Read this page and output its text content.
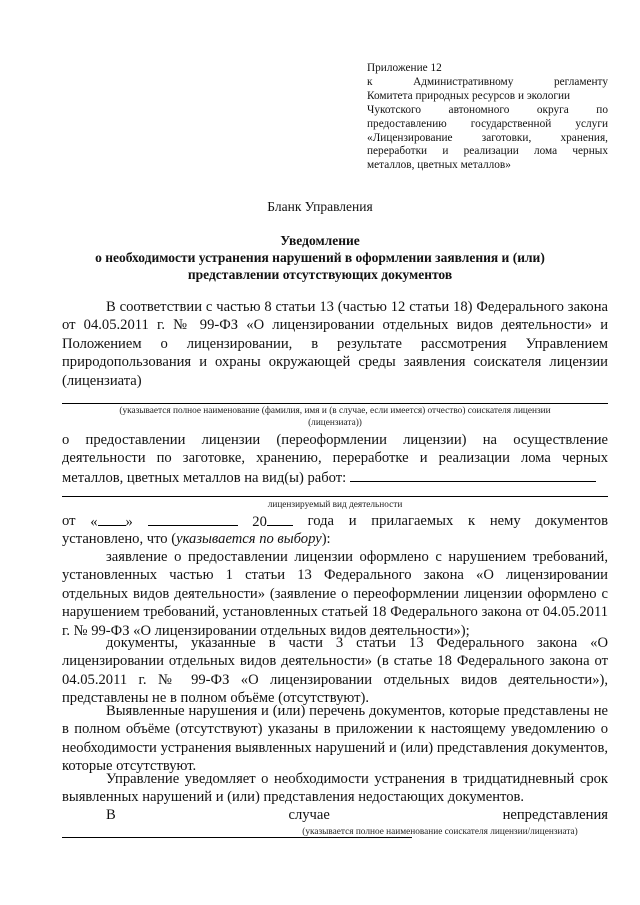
Приложение 12

к Административному регламенту

Комитета природных ресурсов и экологии

Чукотского автономного округа по

предоставлению государственной услуги

«Лицензирование заготовки, хранения,

переработки и реализации лома черных

металлов, цветных металлов»

Бланк Управления
Уведомление
о необходимости устранения нарушений в оформлении заявления и (или)
представлении отсутствующих документов

В соответствии с частью 8 статьи 13 (частью 12 статьи 18) Федерального закона от 04.05.2011 г. № 99-ФЗ «О лицензировании отдельных видов деятельности» и Положением о лицензировании, в результате рассмотрения Управлением природопользования и охраны окружающей среды заявления соискателя лицензии (лицензиата)

(указывается полное наименование (фамилия, имя и (в случае, если имеется) отчество) соискателя лицензии
(лицензиата))

о предоставлении лицензии (переоформлении лицензии) на осуществление деятельности по заготовке, хранению, переработке и реализации лома черных металлов, цветных металлов на вид(ы) работ:

лицензируемый вид деятельности
от « »	20	года и прилагаемых к нему документов

установлено, что (указывается по выбору):

заявление о предоставлении лицензии оформлено с нарушением требований, установленных частью 1 статьи 13 Федерального закона «О лицензировании отдельных видов деятельности» (заявление о переоформлении лицензии оформлено с нарушением требований, установленных статьей 18 Федерального закона от 04.05.2011 г. № 99-ФЗ «О лицензировании отдельных видов деятельности»);

документы, указанные в части 3 статьи 13 Федерального закона «О лицензировании отдельных видов деятельности» (в статье 18 Федерального закона от 04.05.2011 г. № 99-ФЗ «О лицензировании отдельных видов деятельности»), представлены не в полном объёме (отсутствуют).

Выявленные нарушения и (или) перечень документов, которые представлены не в полном объёме (отсутствуют) указаны в приложении к настоящему уведомлению о необходимости устранения выявленных нарушений и (или) представления документов, которые отсутствуют.

Управление уведомляет о необходимости устранения в тридцатидневный срок выявленных нарушений и (или) представления недостающих документов.

В случае непредставления

(указывается полное наименование соискателя лицензии/лицензиата)
